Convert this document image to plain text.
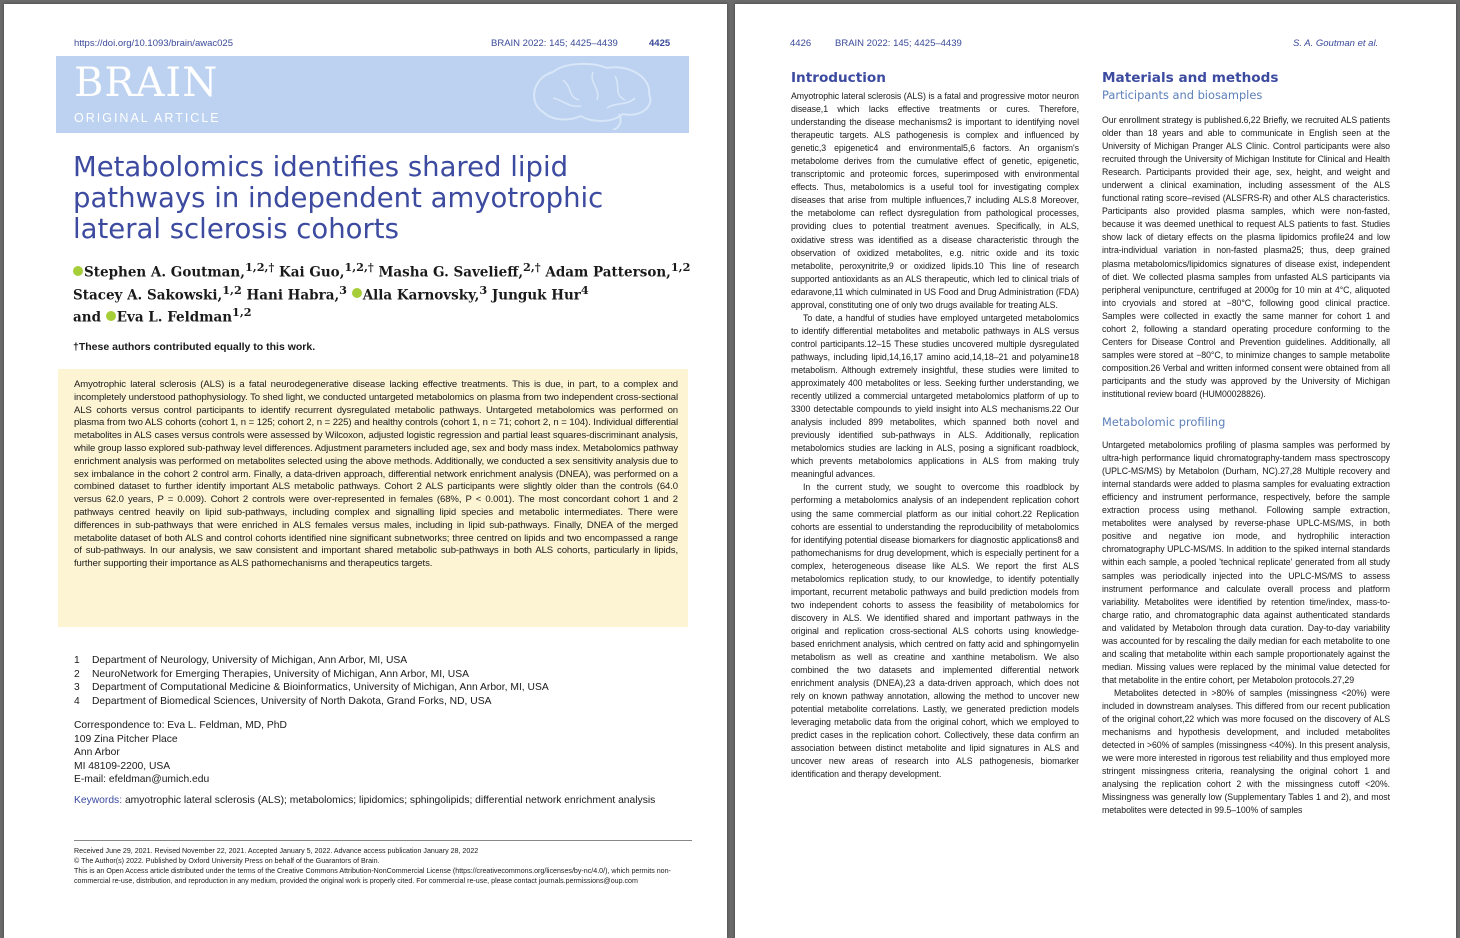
https://doi.org/10.1093/brain/awac025	BRAIN 2022: 145; 4425–4439	4425
BRAIN
ORIGINAL ARTICLE
Metabolomics identifies shared lipid pathways in independent amyotrophic lateral sclerosis cohorts
Stephen A. Goutman,$^{1,2,\dagger}$ Kai Guo,$^{1,2,\dagger}$ Masha G. Savelieff,$^{2,\dagger}$ Adam Patterson,$^{1,2}$
Stacey A. Sakowski,$^{1,2}$ Hani Habra,$^3$ Alla Karnovsky,$^3$ Junguk Hur$^4$
and Eva L. Feldman$^{1,2}$
†These authors contributed equally to this work.

Amyotrophic lateral sclerosis (ALS) is a fatal neurodegenerative disease lacking effective treatments. This is due, in part, to a complex and incompletely understood pathophysiology. To shed light, we conducted untargeted metabolomics on plasma from two independent cross-sectional ALS cohorts versus control participants to identify recurrent dysregulated metabolic pathways. Untargeted metabolomics was performed on plasma from two ALS cohorts (cohort 1, n = 125; cohort 2, n = 225) and healthy controls (cohort 1, n = 71; cohort 2, n = 104). Individual differential metabolites in ALS cases versus controls were assessed by Wilcoxon, adjusted logistic regression and partial least squares-discriminant analysis, while group lasso explored sub-pathway level differences. Adjustment parameters included age, sex and body mass index. Metabolomics pathway enrichment analysis was performed on metabolites selected using the above methods. Additionally, we conducted a sex sensitivity analysis due to sex imbalance in the cohort 2 control arm. Finally, a data-driven approach, differential network enrichment analysis (DNEA), was performed on a combined dataset to further identify important ALS metabolic pathways. Cohort 2 ALS participants were slightly older than the controls (64.0 versus 62.0 years, P = 0.009). Cohort 2 controls were over-represented in females (68%, P < 0.001). The most concordant cohort 1 and 2 pathways centred heavily on lipid sub-pathways, including complex and signalling lipid species and metabolic intermediates. There were differences in sub-pathways that were enriched in ALS females versus males, including in lipid sub-pathways. Finally, DNEA of the merged metabolite dataset of both ALS and control cohorts identified nine significant subnetworks; three centred on lipids and two encompassed a range of sub-pathways. In our analysis, we saw consistent and important shared metabolic sub-pathways in both ALS cohorts, particularly in lipids, further supporting their importance as ALS pathomechanisms and therapeutics targets.

1 Department of Neurology, University of Michigan, Ann Arbor, MI, USA
2 NeuroNetwork for Emerging Therapies, University of Michigan, Ann Arbor, MI, USA
3 Department of Computational Medicine & Bioinformatics, University of Michigan, Ann Arbor, MI, USA
4 Department of Biomedical Sciences, University of North Dakota, Grand Forks, ND, USA
Correspondence to: Eva L. Feldman, MD, PhD
109 Zina Pitcher Place
Ann Arbor
MI 48109-2200, USA
E-mail: efeldman@umich.edu
Keywords: amyotrophic lateral sclerosis (ALS); metabolomics; lipidomics; sphingolipids; differential network enrichment analysis
Received June 29, 2021. Revised November 22, 2021. Accepted January 5, 2022. Advance access publication January 28, 2022
© The Author(s) 2022. Published by Oxford University Press on behalf of the Guarantors of Brain.
This is an Open Access article distributed under the terms of the Creative Commons Attribution-NonCommercial License (https://creativecommons.org/licenses/by-nc/4.0/), which permits non-commercial re-use, distribution, and reproduction in any medium, provided the original work is properly cited. For commercial re-use, please contact journals.permissions@oup.com
4426	BRAIN 2022: 145; 4425–4439	S. A. Goutman et al.
Introduction

Amyotrophic lateral sclerosis (ALS) is a fatal and progressive motor neuron disease,1 which lacks effective treatments or cures. Therefore, understanding the disease mechanisms2 is important to identifying novel therapeutic targets. ALS pathogenesis is complex and influenced by genetic,3 epigenetic4 and environmental5,6 factors. An organism's metabolome derives from the cumulative effect of genetic, epigenetic, transcriptomic and proteomic forces, superimposed with environmental effects. Thus, metabolomics is a useful tool for investigating complex diseases that arise from multiple influences,7 including ALS.8 Moreover, the metabolome can reflect dysregulation from pathological processes, providing clues to potential treatment avenues. Specifically, in ALS, oxidative stress was identified as a disease characteristic through the observation of oxidized metabolites, e.g. nitric oxide and its toxic metabolite, peroxynitrite,9 or oxidized lipids.10 This line of research supported antioxidants as an ALS therapeutic, which led to clinical trials of edaravone,11 which culminated in US Food and Drug Administration (FDA) approval, constituting one of only two drugs available for treating ALS.

To date, a handful of studies have employed untargeted metabolomics to identify differential metabolites and metabolic pathways in ALS versus control participants.12–15 These studies uncovered multiple dysregulated pathways, including lipid,14,16,17 amino acid,14,18–21 and polyamine18 metabolism. Although extremely insightful, these studies were limited to approximately 400 metabolites or less. Seeking further understanding, we recently utilized a commercial untargeted metabolomics platform of up to 3300 detectable compounds to yield insight into ALS mechanisms.22 Our analysis included 899 metabolites, which spanned both novel and previously identified sub-pathways in ALS. Additionally, replication metabolomics studies are lacking in ALS, posing a significant roadblock, which prevents metabolomics applications in ALS from making truly meaningful advances.

In the current study, we sought to overcome this roadblock by performing a metabolomics analysis of an independent replication cohort using the same commercial platform as our initial cohort.22 Replication cohorts are essential to understanding the reproducibility of metabolomics for identifying potential disease biomarkers for diagnostic applications8 and pathomechanisms for drug development, which is especially pertinent for a complex, heterogeneous disease like ALS. We report the first ALS metabolomics replication study, to our knowledge, to identify potentially important, recurrent metabolic pathways and build prediction models from two independent cohorts to assess the feasibility of metabolomics for discovery in ALS. We identified shared and important pathways in the original and replication cross-sectional ALS cohorts using knowledge-based enrichment analysis, which centred on fatty acid and sphingomyelin metabolism as well as creatine and xanthine metabolism. We also combined the two datasets and implemented differential network enrichment analysis (DNEA),23 a data-driven approach, which does not rely on known pathway annotation, allowing the method to uncover new potential metabolite correlations. Lastly, we generated prediction models leveraging metabolic data from the original cohort, which we employed to predict cases in the replication cohort. Collectively, these data confirm an association between distinct metabolite and lipid signatures in ALS and uncover new areas of research into ALS pathogenesis, biomarker identification and therapy development.

Materials and methods
Participants and biosamples

Our enrollment strategy is published.6,22 Briefly, we recruited ALS patients older than 18 years and able to communicate in English seen at the University of Michigan Pranger ALS Clinic. Control participants were also recruited through the University of Michigan Institute for Clinical and Health Research. Participants provided their age, sex, height, and weight and underwent a clinical examination, including assessment of the ALS functional rating score–revised (ALSFRS-R) and other ALS characteristics. Participants also provided plasma samples, which were non-fasted, because it was deemed unethical to request ALS patients to fast. Studies show lack of dietary effects on the plasma lipidomics profile24 and low intra-individual variation in non-fasted plasma25; thus, deep grained plasma metabolomics/lipidomics signatures of disease exist, independent of diet. We collected plasma samples from unfasted ALS participants via peripheral venipuncture, centrifuged at 2000g for 10 min at 4°C, aliquoted into cryovials and stored at −80°C, following good clinical practice. Samples were collected in exactly the same manner for cohort 1 and cohort 2, following a standard operating procedure conforming to the Centers for Disease Control and Prevention guidelines. Additionally, all samples were stored at −80°C, to minimize changes to sample metabolite composition.26 Verbal and written informed consent were obtained from all participants and the study was approved by the University of Michigan institutional review board (HUM00028826).

Metabolomic profiling

Untargeted metabolomics profiling of plasma samples was performed by ultra-high performance liquid chromatography-tandem mass spectroscopy (UPLC-MS/MS) by Metabolon (Durham, NC).27,28 Multiple recovery and internal standards were added to plasma samples for evaluating extraction efficiency and instrument performance, respectively, before the sample extraction process using methanol. Following sample extraction, metabolites were analysed by reverse-phase UPLC-MS/MS, in both positive and negative ion mode, and hydrophilic interaction chromatography UPLC-MS/MS. In addition to the spiked internal standards within each sample, a pooled 'technical replicate' generated from all study samples was periodically injected into the UPLC-MS/MS to assess instrument performance and calculate overall process and platform variability. Metabolites were identified by retention time/index, mass-to-charge ratio, and chromatographic data against authenticated standards and validated by Metabolon through data curation. Day-to-day variability was accounted for by rescaling the daily median for each metabolite to one and scaling that metabolite within each sample proportionately against the median. Missing values were replaced by the minimal value detected for that metabolite in the entire cohort, per Metabolon protocols.27,29

Metabolites detected in >80% of samples (missingness <20%) were included in downstream analyses. This differed from our recent publication of the original cohort,22 which was more focused on the discovery of ALS mechanisms and hypothesis development, and included metabolites detected in >60% of samples (missingness <40%). In this present analysis, we were more interested in rigorous test reliability and thus employed more stringent missingness criteria, reanalysing the original cohort 1 and analysing the replication cohort 2 with the missingness cutoff <20%. Missingness was generally low (Supplementary Tables 1 and 2), and most metabolites were detected in 99.5–100% of samples
